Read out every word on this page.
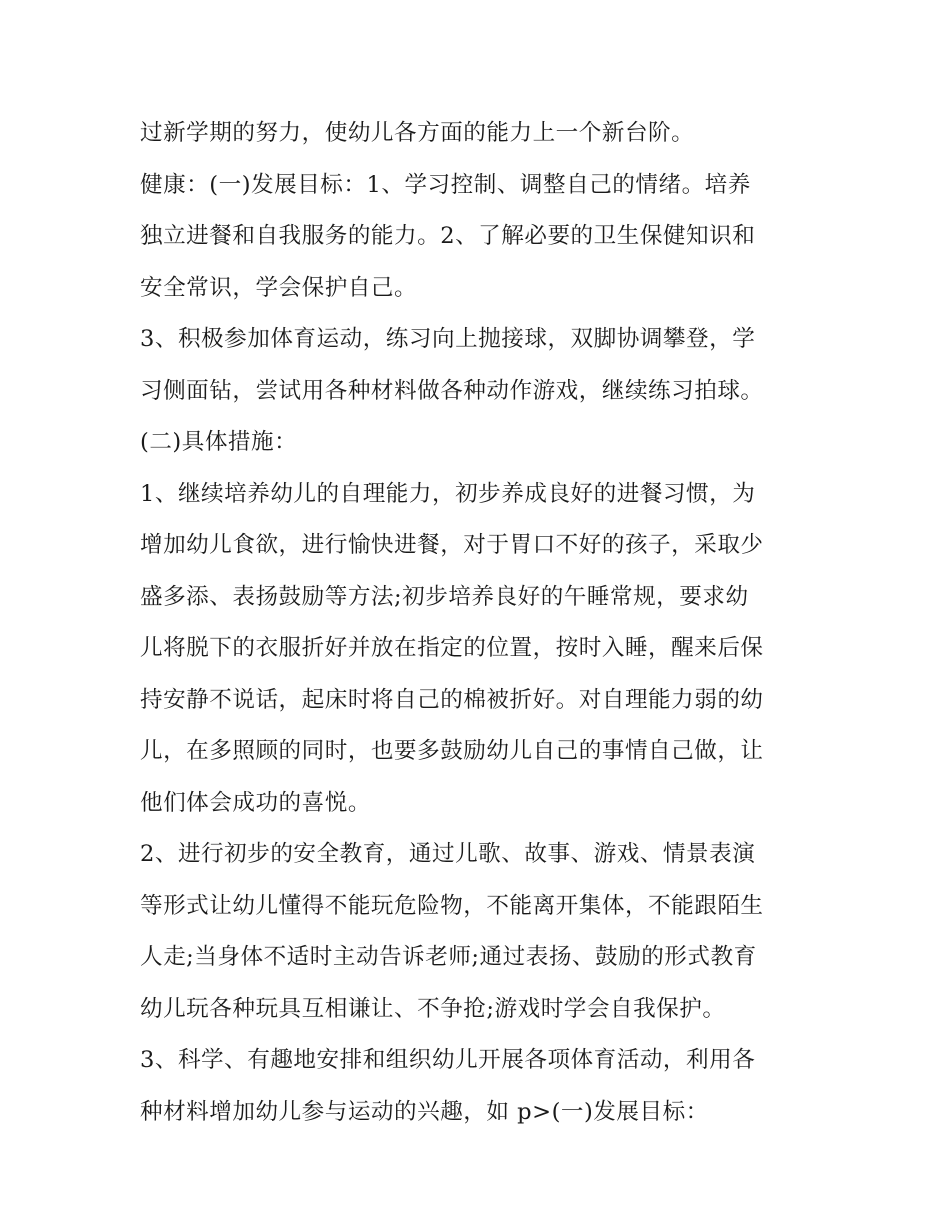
过新学期的努力，使幼儿各方面的能力上一个新台阶。
健康：(一)发展目标：1、学习控制、调整自己的情绪。培养
独立进餐和自我服务的能力。2、了解必要的卫生保健知识和
安全常识，学会保护自己。
3、积极参加体育运动，练习向上抛接球，双脚协调攀登，学
习侧面钻，尝试用各种材料做各种动作游戏，继续练习拍球。
(二)具体措施：
1、继续培养幼儿的自理能力，初步养成良好的进餐习惯，为
增加幼儿食欲，进行愉快进餐，对于胃口不好的孩子，采取少
盛多添、表扬鼓励等方法;初步培养良好的午睡常规，要求幼
儿将脱下的衣服折好并放在指定的位置，按时入睡，醒来后保
持安静不说话，起床时将自己的棉被折好。对自理能力弱的幼
儿，在多照顾的同时，也要多鼓励幼儿自己的事情自己做，让
他们体会成功的喜悦。
2、进行初步的安全教育，通过儿歌、故事、游戏、情景表演
等形式让幼儿懂得不能玩危险物，不能离开集体，不能跟陌生
人走;当身体不适时主动告诉老师;通过表扬、鼓励的形式教育
幼儿玩各种玩具互相谦让、不争抢;游戏时学会自我保护。
3、科学、有趣地安排和组织幼儿开展各项体育活动，利用各
种材料增加幼儿参与运动的兴趣，如 p>(一)发展目标：
